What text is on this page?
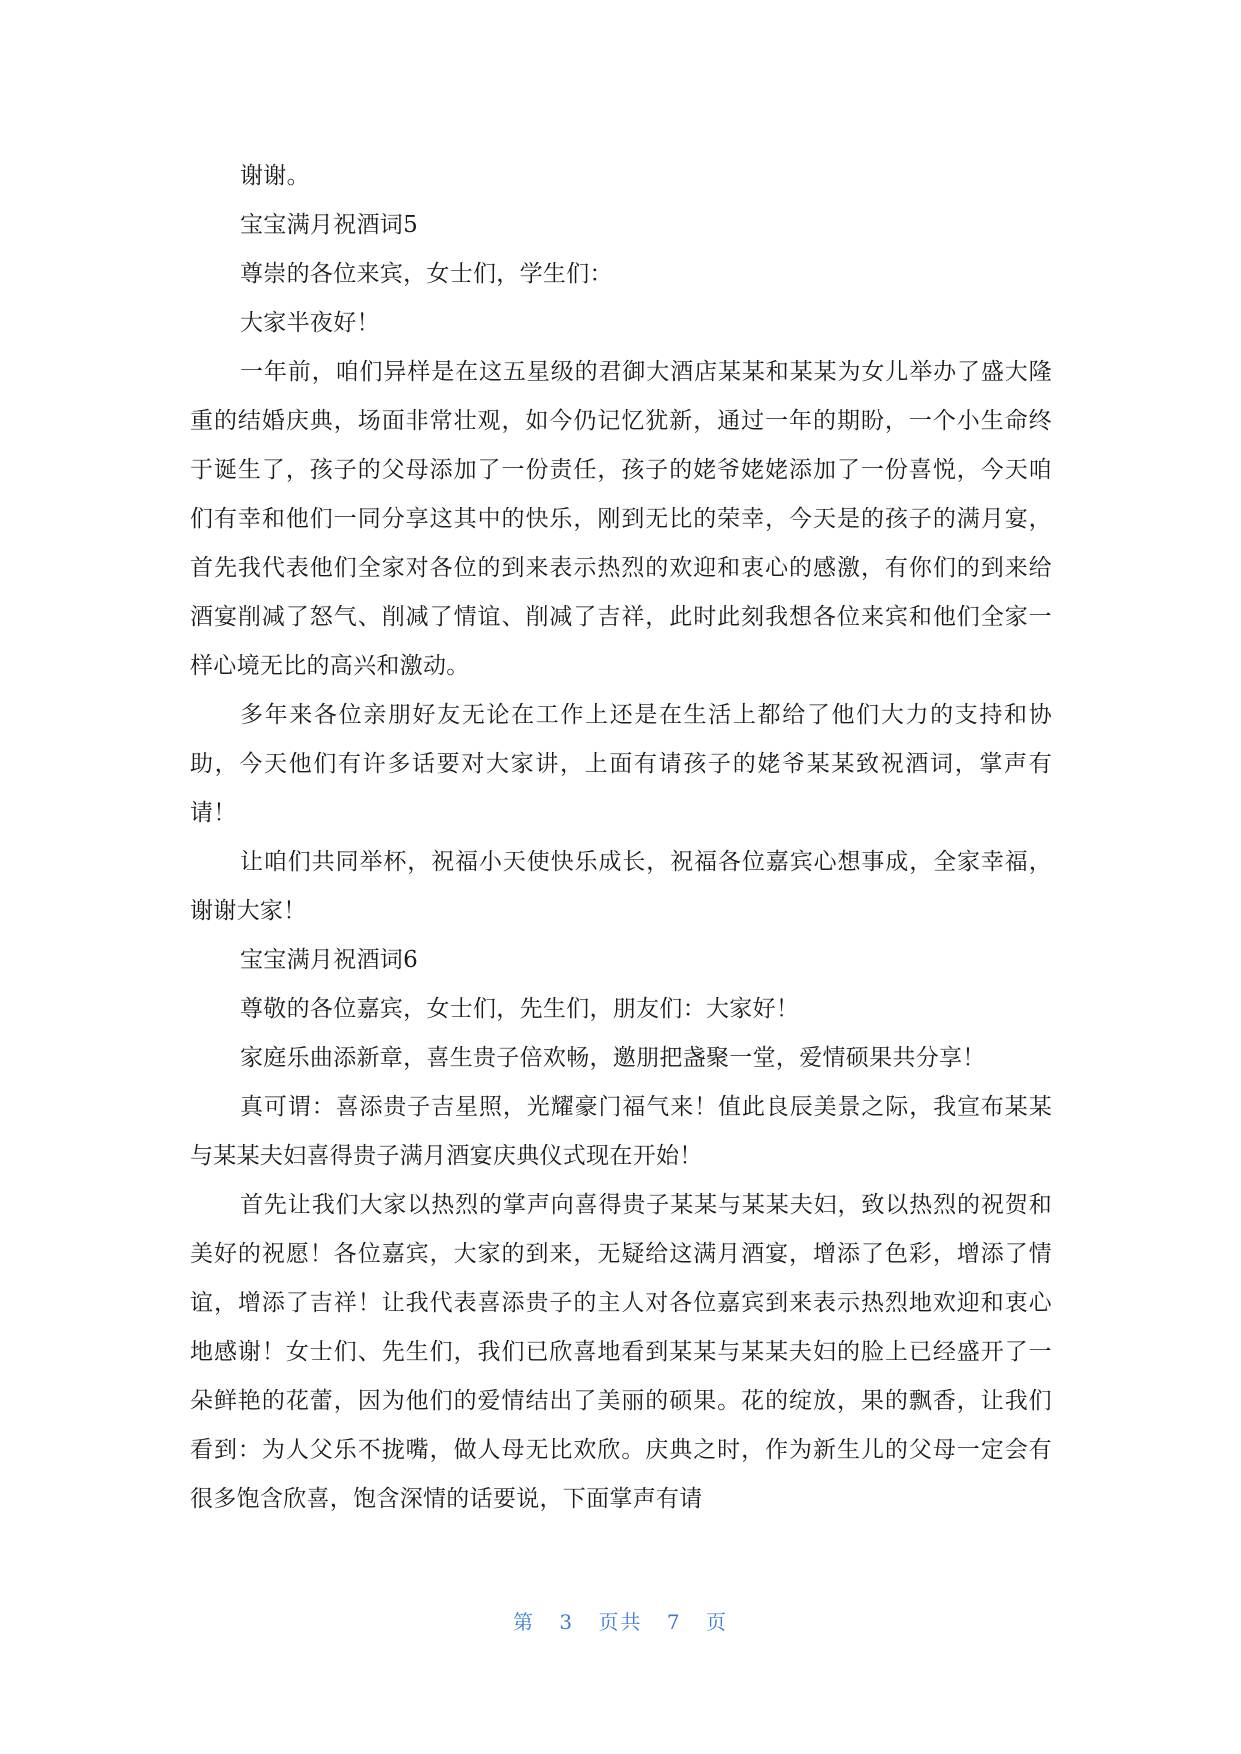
谢谢。

宝宝满月祝酒词5

尊崇的各位来宾，女士们，学生们：

大家半夜好！

一年前，咱们异样是在这五星级的君御大酒店某某和某某为女儿举办了盛大隆重的结婚庆典，场面非常壮观，如今仍记忆犹新，通过一年的期盼，一个小生命终于诞生了，孩子的父母添加了一份责任，孩子的姥爷姥姥添加了一份喜悦，今天咱们有幸和他们一同分享这其中的快乐，刚到无比的荣幸，今天是的孩子的满月宴，首先我代表他们全家对各位的到来表示热烈的欢迎和衷心的感激，有你们的到来给酒宴削减了怒气、削减了情谊、削减了吉祥，此时此刻我想各位来宾和他们全家一样心境无比的高兴和激动。

多年来各位亲朋好友无论在工作上还是在生活上都给了他们大力的支持和协助，今天他们有许多话要对大家讲，上面有请孩子的姥爷某某致祝酒词，掌声有请！

让咱们共同举杯，祝福小天使快乐成长，祝福各位嘉宾心想事成，全家幸福，谢谢大家！

宝宝满月祝酒词6

尊敬的各位嘉宾，女士们，先生们，朋友们：大家好！

家庭乐曲添新章，喜生贵子倍欢畅，邀朋把盏聚一堂，爱情硕果共分享！

真可谓：喜添贵子吉星照，光耀豪门福气来！值此良辰美景之际，我宣布某某与某某夫妇喜得贵子满月酒宴庆典仪式现在开始！

首先让我们大家以热烈的掌声向喜得贵子某某与某某夫妇，致以热烈的祝贺和美好的祝愿！各位嘉宾，大家的到来，无疑给这满月酒宴，增添了色彩，增添了情谊，增添了吉祥！让我代表喜添贵子的主人对各位嘉宾到来表示热烈地欢迎和衷心地感谢！女士们、先生们，我们已欣喜地看到某某与某某夫妇的脸上已经盛开了一朵鲜艳的花蕾，因为他们的爱情结出了美丽的硕果。花的绽放，果的飘香，让我们看到：为人父乐不拢嘴，做人母无比欢欣。庆典之时，作为新生儿的父母一定会有很多饱含欣喜，饱含深情的话要说，下面掌声有请

第 3 页共 7 页
